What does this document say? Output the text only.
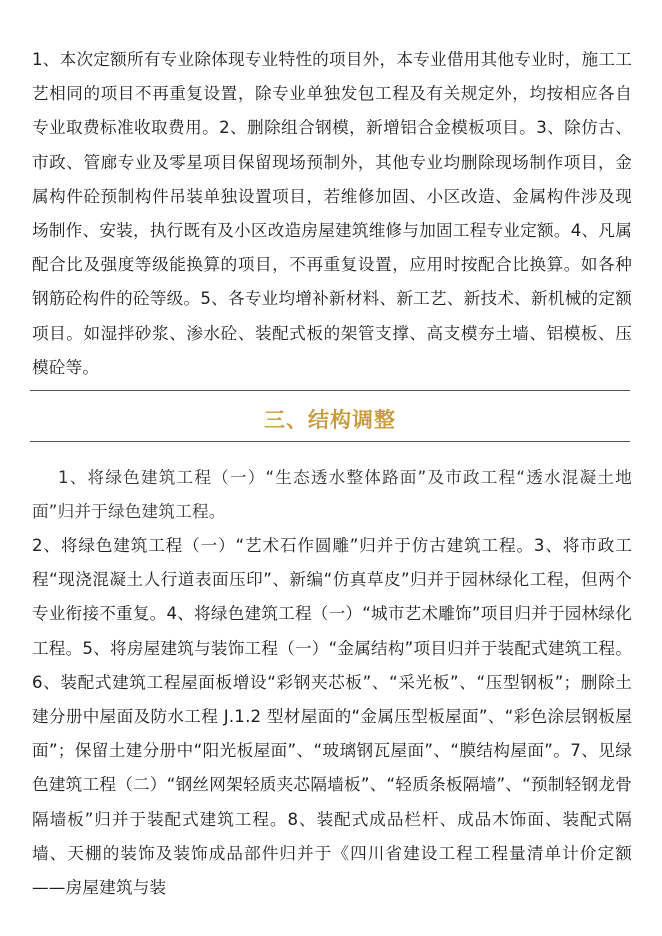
1、本次定额所有专业除体现专业特性的项目外，本专业借用其他专业时，施工工艺相同的项目不再重复设置，除专业单独发包工程及有关规定外，均按相应各自专业取费标准收取费用。2、删除组合钢模，新增铝合金模板项目。3、除仿古、市政、管廊专业及零星项目保留现场预制外，其他专业均删除现场制作项目，金属构件砼预制构件吊装单独设置项目，若维修加固、小区改造、金属构件涉及现场制作、安装，执行既有及小区改造房屋建筑维修与加固工程专业定额。4、凡属配合比及强度等级能换算的项目，不再重复设置，应用时按配合比换算。如各种钢筋砼构件的砼等级。5、各专业均增补新材料、新工艺、新技术、新机械的定额项目。如湿拌砂浆、渗水砼、装配式板的架管支撑、高支模夯土墙、铝模板、压模砼等。

三、结构调整

1、将绿色建筑工程（一）“生态透水整体路面”及市政工程“透水混凝土地面”归并于绿色建筑工程。

2、将绿色建筑工程（一）“艺术石作圆雕”归并于仿古建筑工程。3、将市政工程“现浇混凝土人行道表面压印”、新编“仿真草皮”归并于园林绿化工程，但两个专业衔接不重复。4、将绿色建筑工程（一）“城市艺术雕饰”项目归并于园林绿化工程。5、将房屋建筑与装饰工程（一）“金属结构”项目归并于装配式建筑工程。6、装配式建筑工程屋面板增设“彩钢夹芯板”、“采光板”、“压型钢板”；删除土建分册中屋面及防水工程 J.1.2 型材屋面的“金属压型板屋面”、“彩色涂层钢板屋面”；保留土建分册中“阳光板屋面”、“玻璃钢瓦屋面”、“膜结构屋面”。7、见绿色建筑工程（二）“钢丝网架轻质夹芯隔墙板”、“轻质条板隔墙”、“预制轻钢龙骨隔墙板”归并于装配式建筑工程。8、装配式成品栏杆、成品木饰面、装配式隔墙、天棚的装饰及装饰成品部件归并于《四川省建设工程工程量清单计价定额——房屋建筑与装
